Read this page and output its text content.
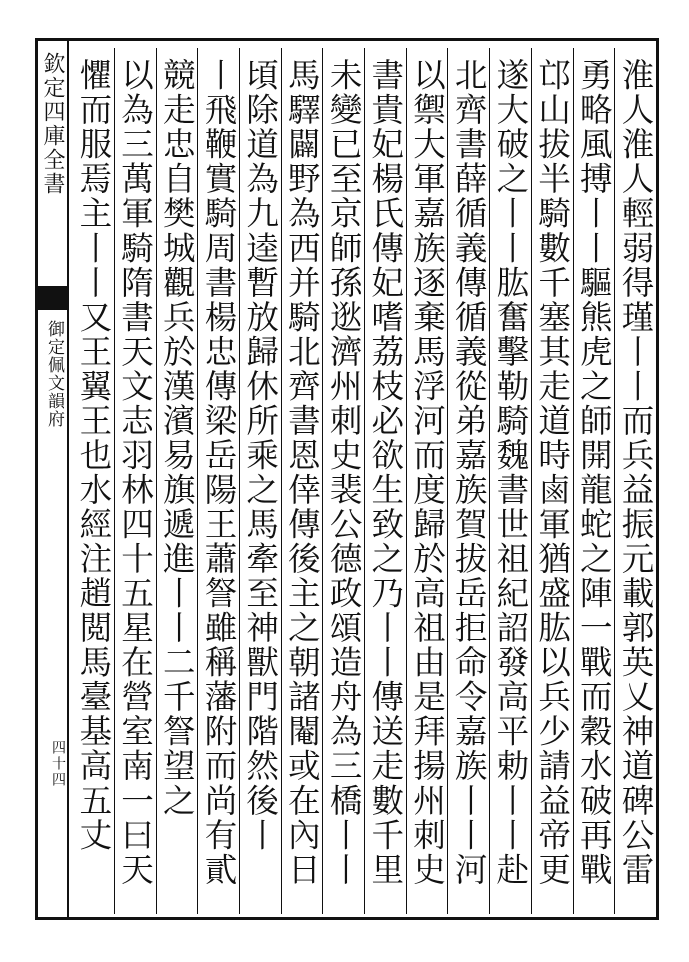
欽定四庫全書
御定佩文韻府
四十四
淮人淮人輕弱得瑾丨丨而兵益振元載郭英乂神道碑公雷
勇略風搏丨丨驅熊虎之師開龍蛇之陣一戰而穀水破再戰
邙山拔半騎數千塞其走道時鹵軍猶盛肱以兵少請益帝更
遂大破之丨丨肱奮擊勒騎魏書世祖紀詔發高平勅丨丨赴
北齊書薛循義傳循義從弟嘉族賀拔岳拒命令嘉族丨丨河
以禦大軍嘉族逐棄馬浮河而度歸於高祖由是拜揚州刺史
書貴妃楊氏傳妃嗜荔枝必欲生致之乃丨丨傳送走數千里
未變已至京師孫逖濟州刺史裴公德政頌造舟為三橋丨丨
馬驛闢野為西并騎北齊書恩倖傳後主之朝諸閹或在內日
頃除道為九逵暫放歸休所乘之馬牽至神獸門階然後丨
丨飛鞭實騎周書楊忠傳梁岳陽王蕭詧雖稱藩附而尚有貳
競走忠自樊城觀兵於漢濱易旗遞進丨丨二千詧望之
以為三萬軍騎隋書天文志羽林四十五星在營室南一曰天
懼而服焉主丨丨又王翼王也水經注趙閲馬臺基高五丈
